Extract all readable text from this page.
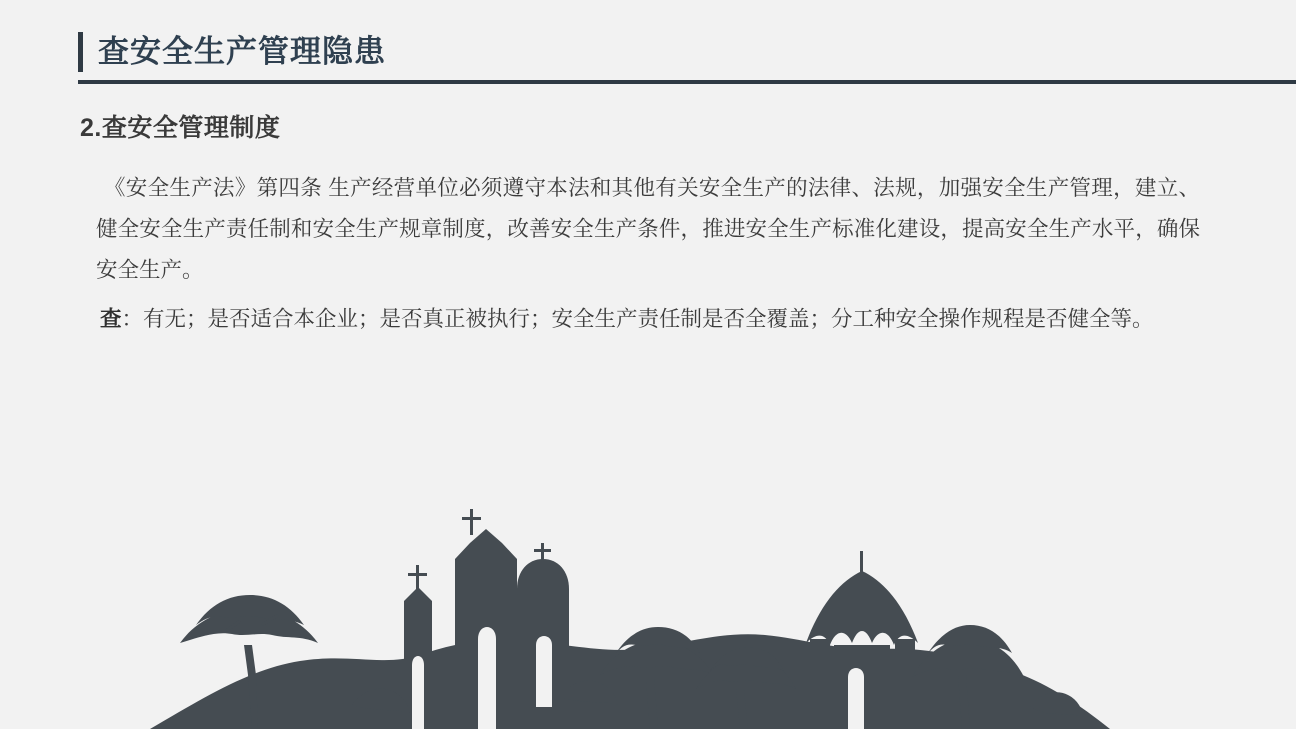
查安全生产管理隐患
2.查安全管理制度

《安全生产法》第四条 生产经营单位必须遵守本法和其他有关安全生产的法律、法规，加强安全生产管理，建立、健全安全生产责任制和安全生产规章制度，改善安全生产条件，推进安全生产标准化建设，提高安全生产水平，确保安全生产。

查：有无；是否适合本企业；是否真正被执行；安全生产责任制是否全覆盖；分工种安全操作规程是否健全等。
